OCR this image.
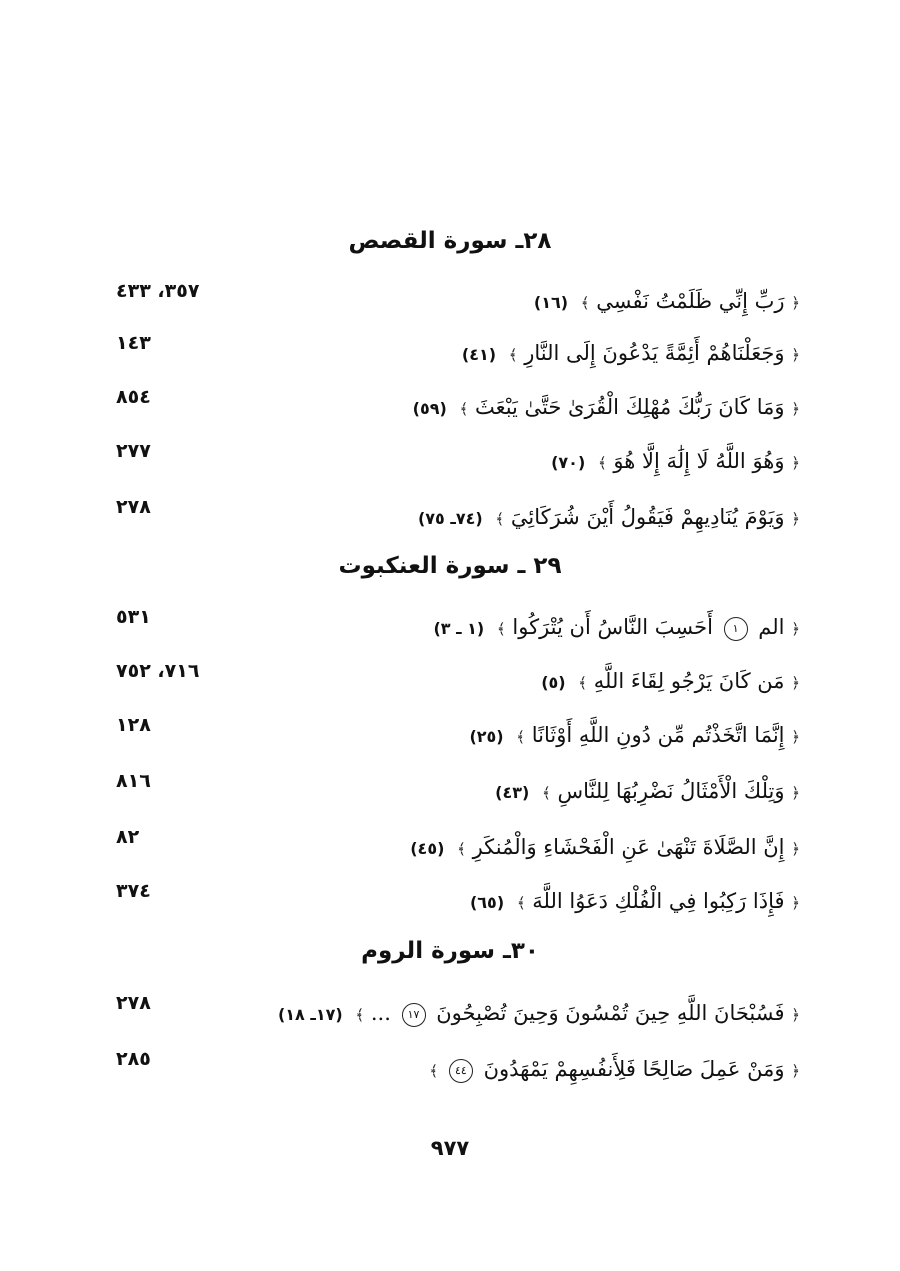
٢٨ـ سورة القصص
﴿ رَبِّ إِنِّي ظَلَمْتُ نَفْسِي ﴾ (١٦)
٣٥٧، ٤٣٣
﴿ وَجَعَلْنَاهُمْ أَئِمَّةً يَدْعُونَ إِلَى النَّارِ ﴾ (٤١)
١٤٣
﴿ وَمَا كَانَ رَبُّكَ مُهْلِكَ الْقُرَىٰ حَتَّىٰ يَبْعَثَ ﴾ (٥٩)
٨٥٤
﴿ وَهُوَ اللَّهُ لَا إِلَٰهَ إِلَّا هُوَ ﴾ (٧٠)
٢٧٧
﴿ وَيَوْمَ يُنَادِيهِمْ فَيَقُولُ أَيْنَ شُرَكَائِيَ ﴾ (٧٤ـ ٧٥)
٢٧٨
٢٩ ـ سورة العنكبوت
﴿ الم ١ أَحَسِبَ النَّاسُ أَن يُتْرَكُوا ﴾ (١ ـ ٣)
٥٣١
﴿ مَن كَانَ يَرْجُو لِقَاءَ اللَّهِ ﴾ (٥)
٧١٦، ٧٥٢
﴿ إِنَّمَا اتَّخَذْتُم مِّن دُونِ اللَّهِ أَوْثَانًا ﴾ (٢٥)
١٢٨
﴿ وَتِلْكَ الْأَمْثَالُ نَضْرِبُهَا لِلنَّاسِ ﴾ (٤٣)
٨١٦
﴿ إِنَّ الصَّلَاةَ تَنْهَىٰ عَنِ الْفَحْشَاءِ وَالْمُنكَرِ ﴾ (٤٥)
٨٢
﴿ فَإِذَا رَكِبُوا فِي الْفُلْكِ دَعَوُا اللَّهَ ﴾ (٦٥)
٣٧٤
٣٠ـ سورة الروم
﴿ فَسُبْحَانَ اللَّهِ حِينَ تُمْسُونَ وَحِينَ تُصْبِحُونَ ١٧ ... ﴾ (١٧ـ ١٨)
٢٧٨
﴿ وَمَنْ عَمِلَ صَالِحًا فَلِأَنفُسِهِمْ يَمْهَدُونَ ٤٤ ﴾
٢٨٥
٩٧٧
